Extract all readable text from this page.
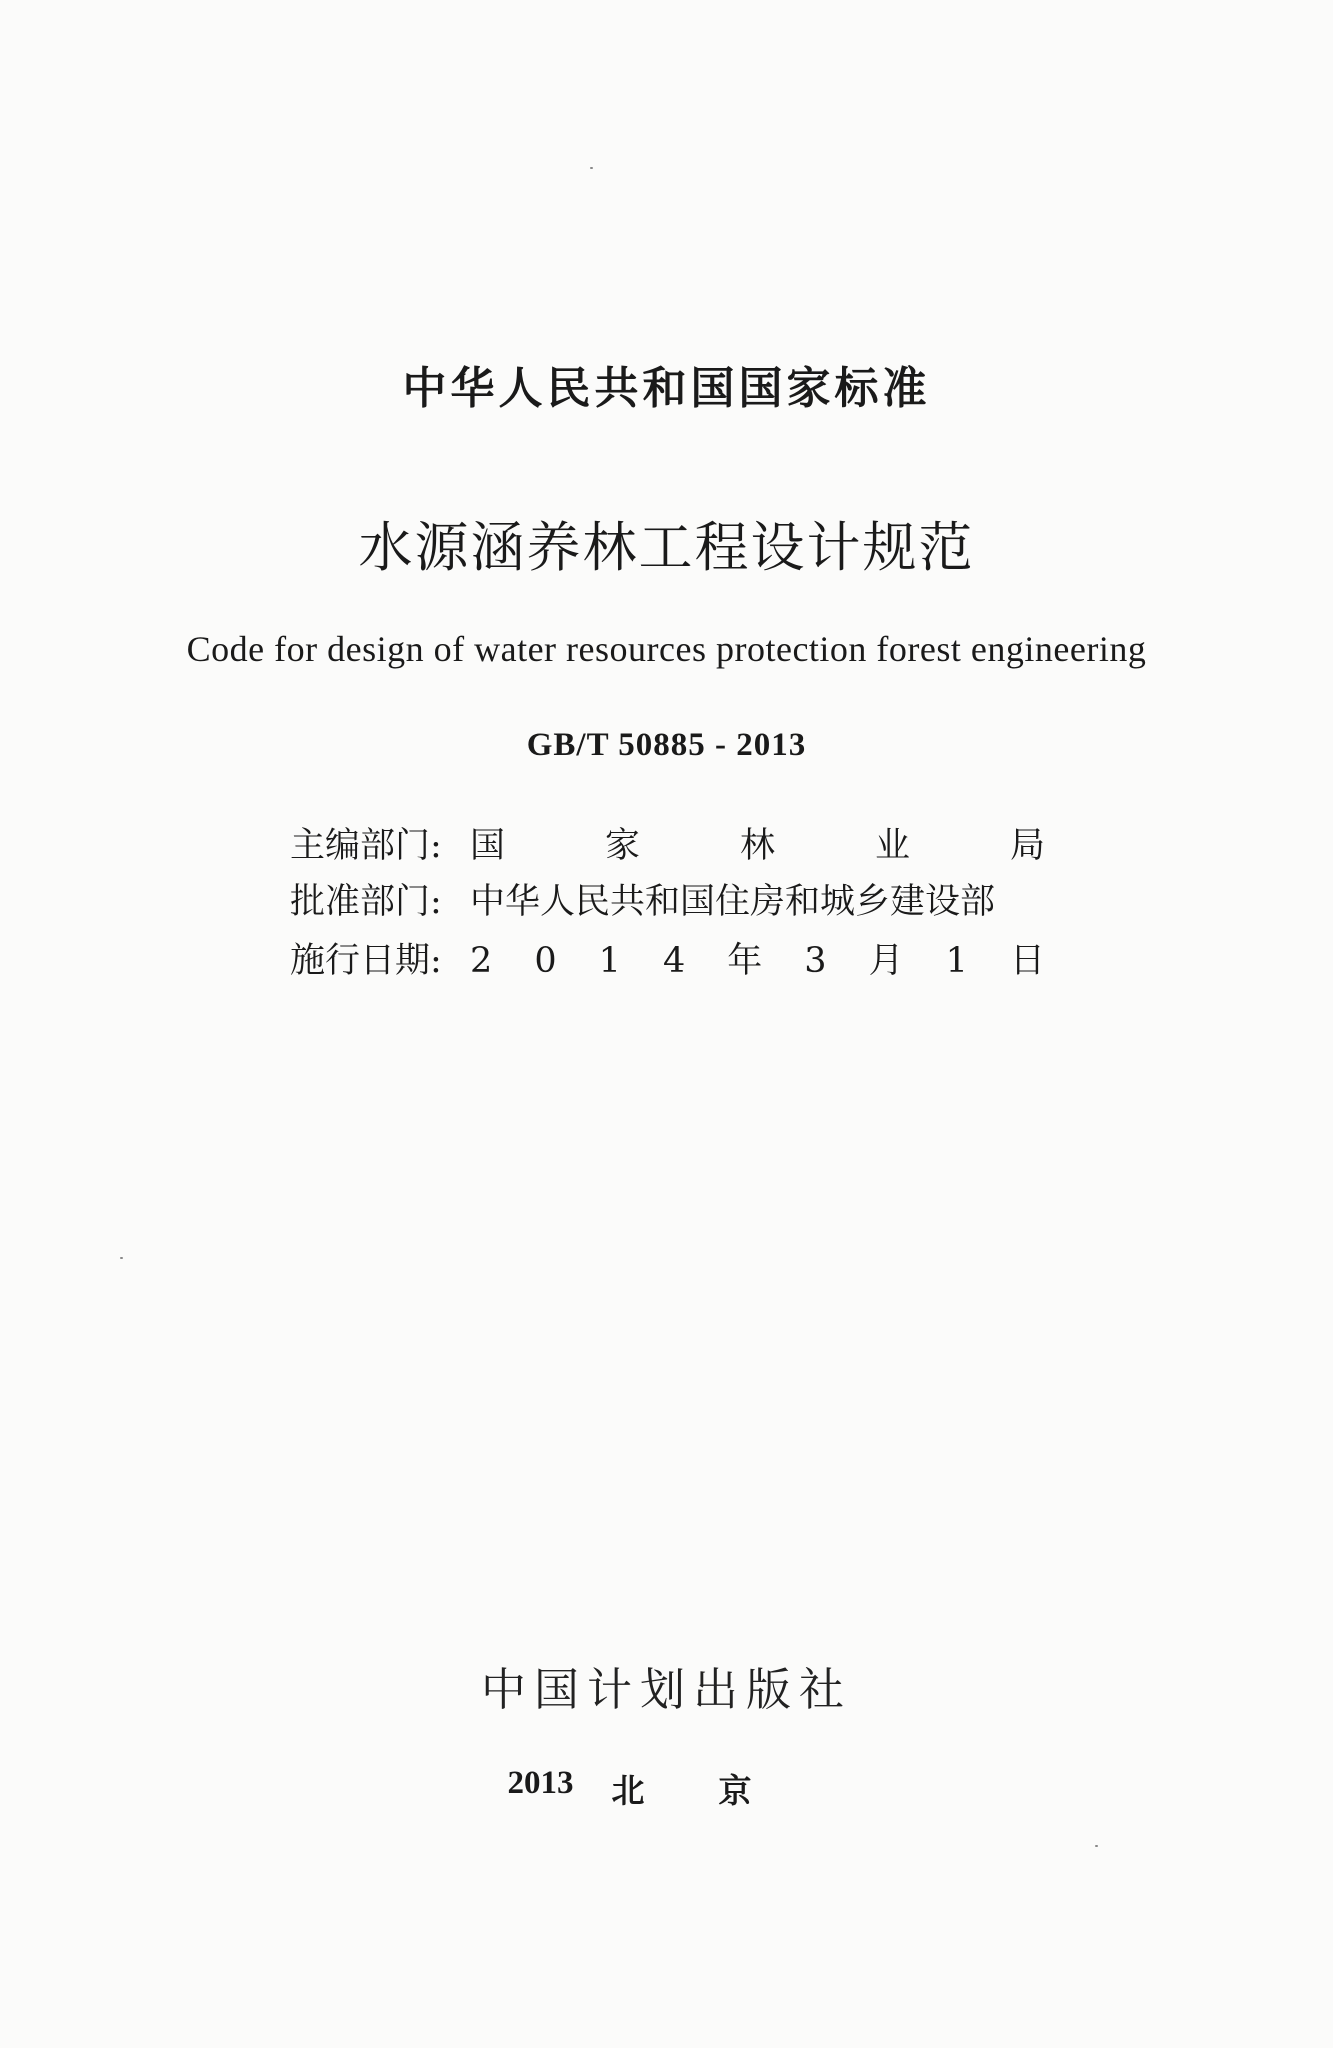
中华人民共和国国家标准
水源涵养林工程设计规范
Code for design of water resources protection forest engineering
GB/T 50885 - 2013
主编部门: 国	家	林	业	局
批准部门: 中华人民共和国住房和城乡建设部
施行日期: 2 0 1 4 年 3 月 1 日
中国计划出版社
2013 北京
